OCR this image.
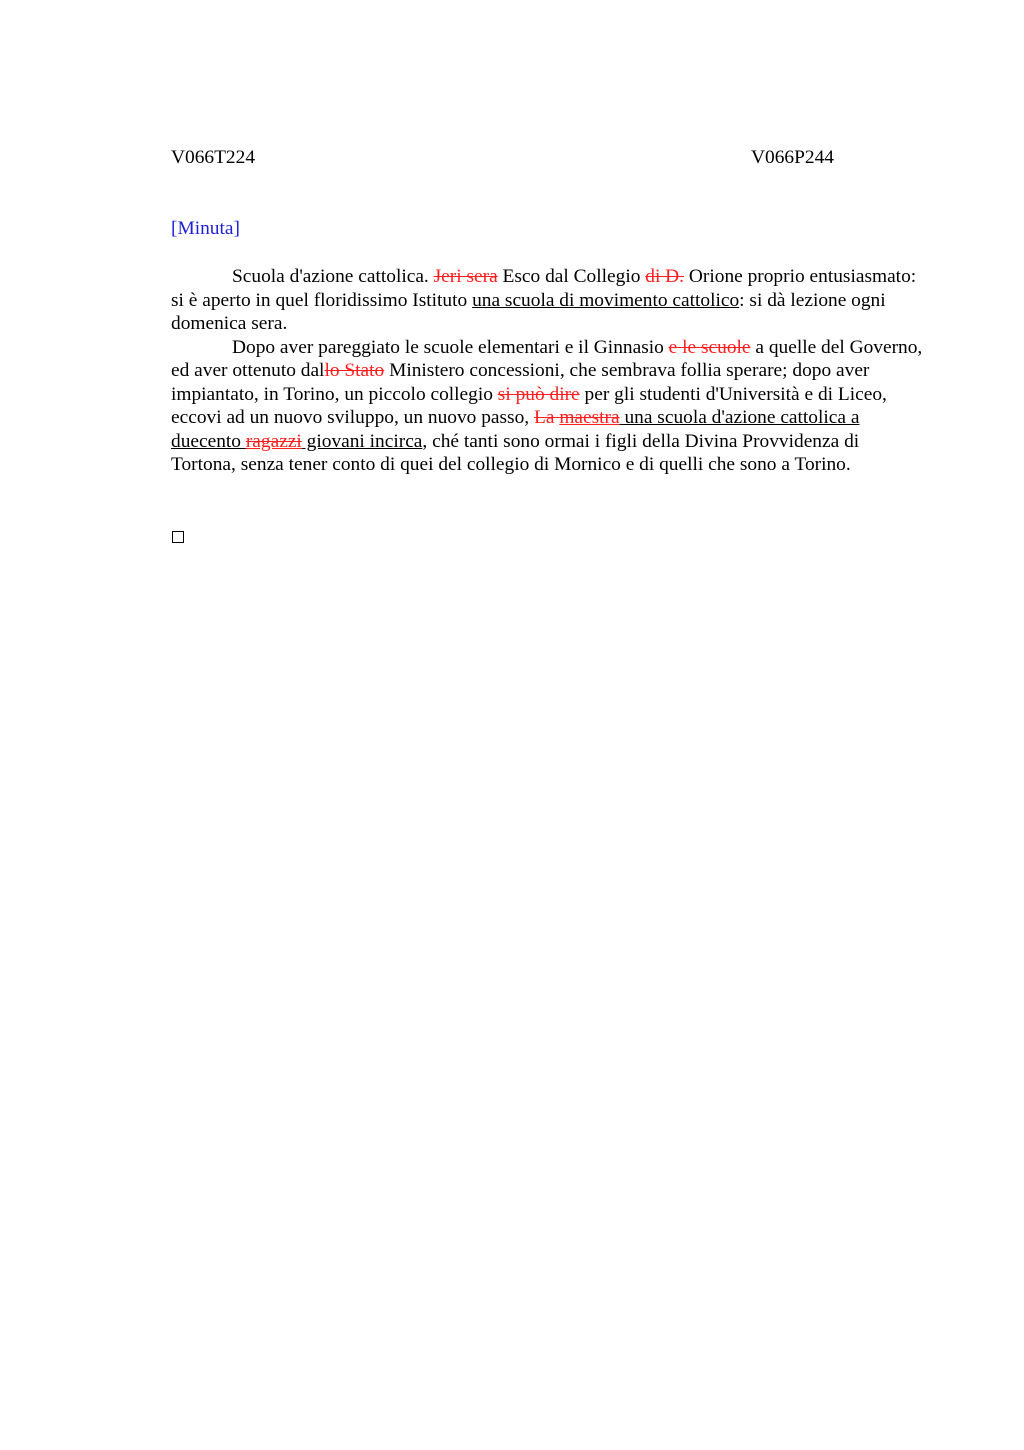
V066T224	V066P244
[Minuta]

Scuola d'azione cattolica. Jeri sera Esco dal Collegio di D. Orione proprio entusiasmato: si è aperto in quel floridissimo Istituto una scuola di movimento cattolico: si dà lezione ogni domenica sera.

Dopo aver pareggiato le scuole elementari e il Ginnasio e le scuole a quelle del Governo, ed aver ottenuto dallo Stato Ministero concessioni, che sembrava follia sperare; dopo aver impiantato, in Torino, un piccolo collegio si può dire per gli studenti d'Università e di Liceo, eccovi ad un nuovo sviluppo, un nuovo passo, La maestra una scuola d'azione cattolica a duecento ragazzi giovani incirca, ché tanti sono ormai i figli della Divina Provvidenza di Tortona, senza tener conto di quei del collegio di Mornico e di quelli che sono a Torino.
